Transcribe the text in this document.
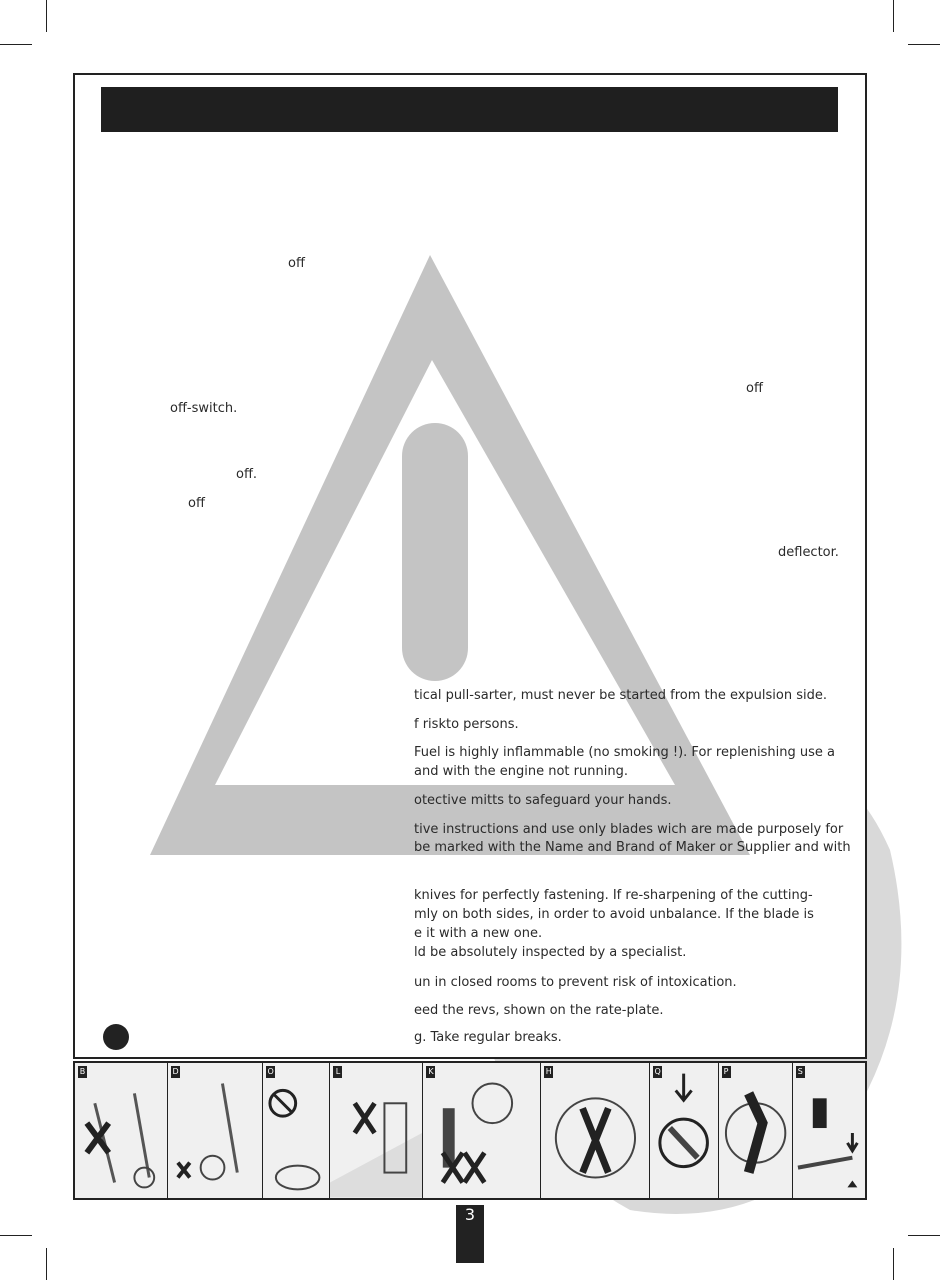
off
off
off-switch.
off.
off
deflector.
tical pull-sarter, must never be started from the expulsion side.
f riskto persons.
Fuel is highly inflammable (no smoking !). For replenishing use a
and with the engine not running.
otective mitts to safeguard your hands.
tive instructions and use only blades wich are made purposely for
be marked with the Name and Brand of Maker or Supplier and with
knives for perfectly fastening. If re-sharpening of the cutting-
mly on both sides, in order to avoid unbalance. If the blade is
e it with a new one.
ld be absolutely inspected by a specialist.
un in closed rooms to prevent risk of intoxication.
eed the revs, shown on the rate-plate.
g. Take regular breaks.
B	D	O	L	K	H	Q	P	S
3
